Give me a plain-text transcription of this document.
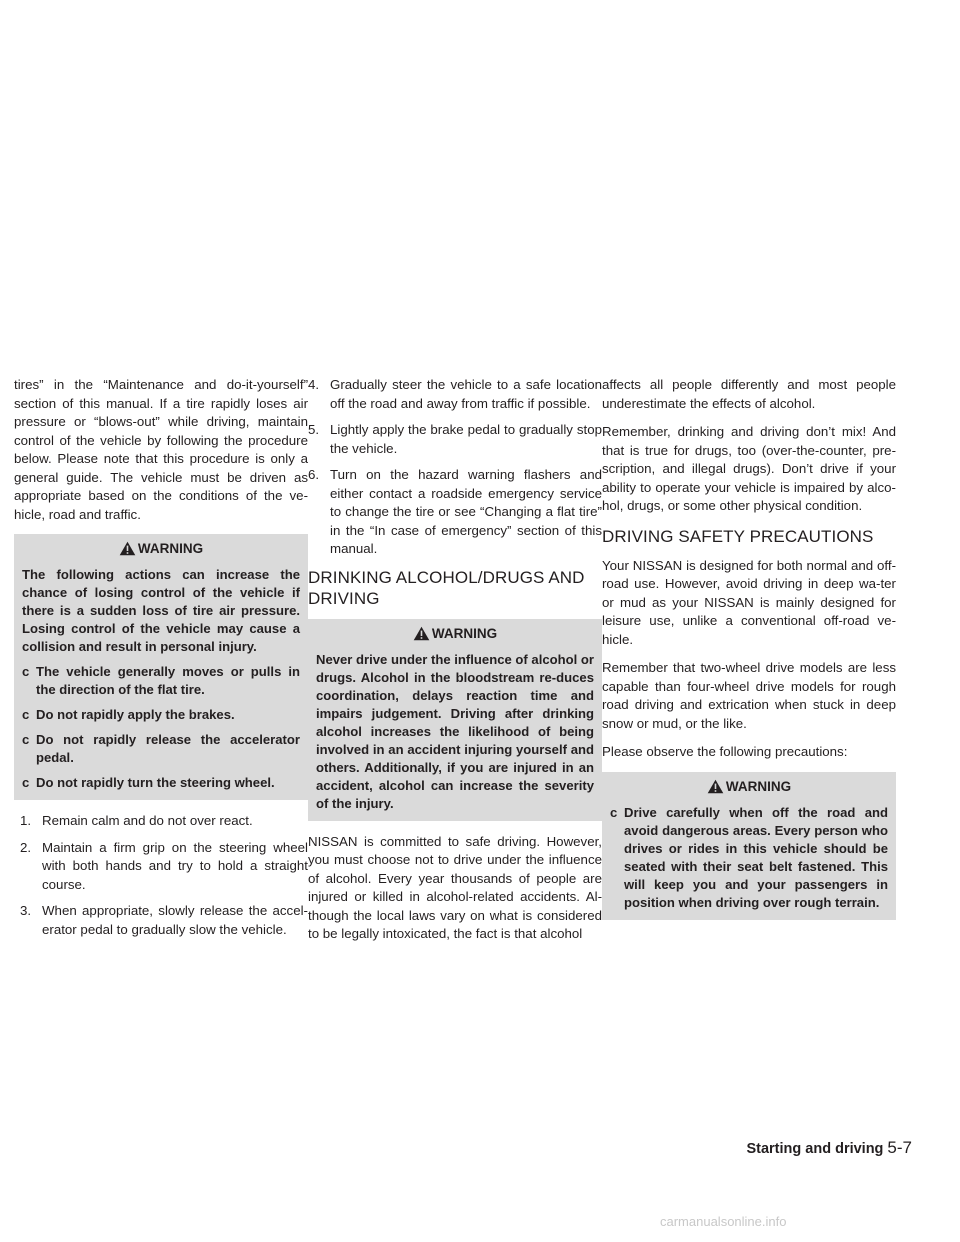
tires” in the “Maintenance and do-it-yourself” section of this manual. If a tire rapidly loses air pressure or “blows-out” while driving, maintain control of the vehicle by following the procedure below. Please note that this procedure is only a general guide. The vehicle must be driven as appropriate based on the conditions of the ve-hicle, road and traffic.

WARNING

The following actions can increase the chance of losing control of the vehicle if there is a sudden loss of tire air pressure. Losing control of the vehicle may cause a collision and result in personal injury.

c The vehicle generally moves or pulls in the direction of the flat tire.
c Do not rapidly apply the brakes.
c Do not rapidly release the accelerator pedal.
c Do not rapidly turn the steering wheel.
1. Remain calm and do not over react.
2. Maintain a firm grip on the steering wheel with both hands and try to hold a straight course.
3. When appropriate, slowly release the accel-erator pedal to gradually slow the vehicle.
4. Gradually steer the vehicle to a safe location off the road and away from traffic if possible.
5. Lightly apply the brake pedal to gradually stop the vehicle.
6. Turn on the hazard warning flashers and either contact a roadside emergency service to change the tire or see “Changing a flat tire” in the “In case of emergency” section of this manual.
DRINKING ALCOHOL/DRUGS AND DRIVING
WARNING

Never drive under the influence of alcohol or drugs. Alcohol in the bloodstream re-duces coordination, delays reaction time and impairs judgement. Driving after drinking alcohol increases the likelihood of being involved in an accident injuring yourself and others. Additionally, if you are injured in an accident, alcohol can increase the severity of the injury.

NISSAN is committed to safe driving. However, you must choose not to drive under the influence of alcohol. Every year thousands of people are injured or killed in alcohol-related accidents. Al-though the local laws vary on what is considered to be legally intoxicated, the fact is that alcohol

affects all people differently and most people underestimate the effects of alcohol.

Remember, drinking and driving don’t mix! And that is true for drugs, too (over-the-counter, pre-scription, and illegal drugs). Don’t drive if your ability to operate your vehicle is impaired by alco-hol, drugs, or some other physical condition.

DRIVING SAFETY PRECAUTIONS

Your NISSAN is designed for both normal and off-road use. However, avoid driving in deep wa-ter or mud as your NISSAN is mainly designed for leisure use, unlike a conventional off-road ve-hicle.

Remember that two-wheel drive models are less capable than four-wheel drive models for rough road driving and extrication when stuck in deep snow or mud, or the like.

Please observe the following precautions:

WARNING
c Drive carefully when off the road and avoid dangerous areas. Every person who drives or rides in this vehicle should be seated with their seat belt fastened. This will keep you and your passengers in position when driving over rough terrain.
Starting and driving 5-7
carmanualsonline.info
